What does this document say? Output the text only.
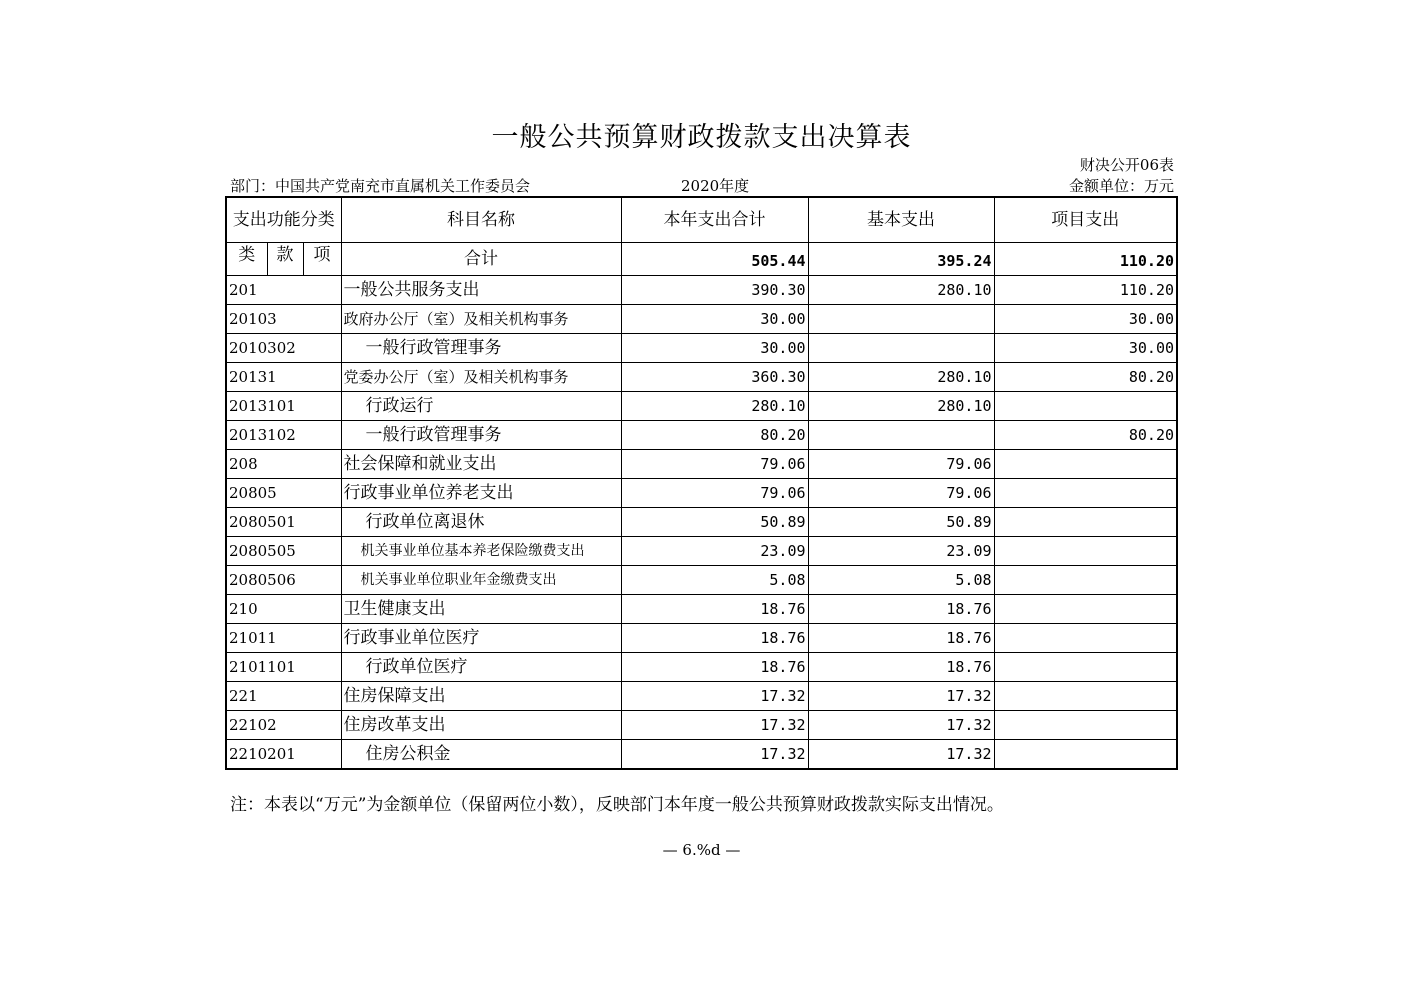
一般公共预算财政拨款支出决算表
财决公开06表
部门：中国共产党南充市直属机关工作委员会	2020年度	金额单位：万元
支出功能分类			科目名称	本年支出合计	基本支出	项目支出
类	款	项				
			合计	505.44	395.24	110.20
201			一般公共服务支出	390.30	280.10	110.20
20103			政府办公厅（室）及相关机构事务	30.00		30.00
2010302			一般行政管理事务	30.00		30.00
20131			党委办公厅（室）及相关机构事务	360.30	280.10	80.20
2013101			行政运行	280.10	280.10	
2013102			一般行政管理事务	80.20		80.20
208			社会保障和就业支出	79.06	79.06	
20805			行政事业单位养老支出	79.06	79.06	
2080501			行政单位离退休	50.89	50.89	
2080505			机关事业单位基本养老保险缴费支出	23.09	23.09	
2080506			机关事业单位职业年金缴费支出	5.08	5.08	
210			卫生健康支出	18.76	18.76	
21011			行政事业单位医疗	18.76	18.76	
2101101			行政单位医疗	18.76	18.76	
221			住房保障支出	17.32	17.32	
22102			住房改革支出	17.32	17.32	
2210201			住房公积金	17.32	17.32	
注：本表以“万元”为金额单位（保留两位小数），反映部门本年度一般公共预算财政拨款实际支出情况。
— 6.%d —
